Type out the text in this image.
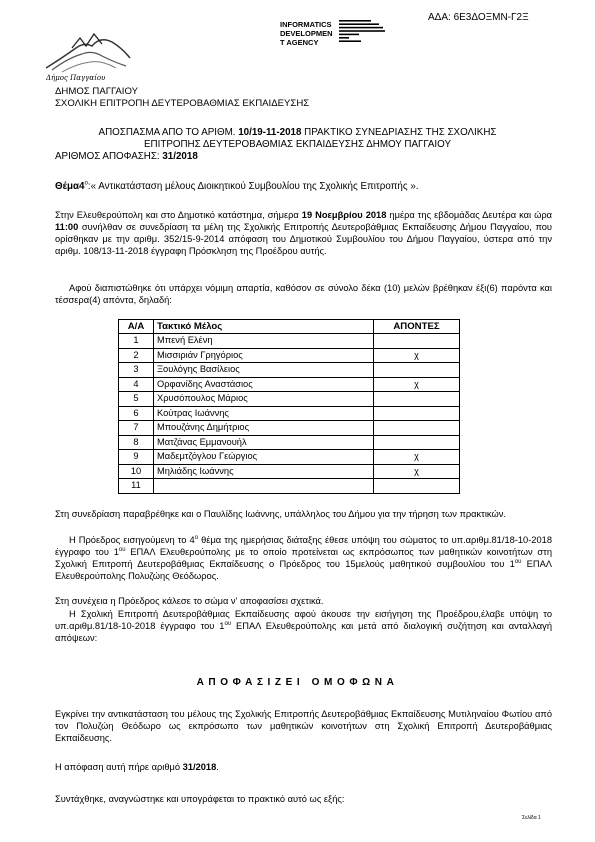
Δήμος Παγγαίου
ΑΔΑ: 6Ε3ΔΟΞΜΝ-Γ2Ξ
INFORMATICS
DEVELOPMEN
T AGENCY
ΔΗΜΟΣ ΠΑΓΓΑΙΟΥ
ΣΧΟΛΙΚΗ ΕΠΙΤΡΟΠΗ ΔΕΥΤΕΡΟΒΑΘΜΙΑΣ ΕΚΠΑΙΔΕΥΣΗΣ
ΑΠΟΣΠΑΣΜΑ ΑΠΟ ΤΟ ΑΡΙΘΜ. 10/19-11-2018 ΠΡΑΚΤΙΚΟ ΣΥΝΕΔΡΙΑΣΗΣ ΤΗΣ ΣΧΟΛΙΚΗΣ
ΕΠΙΤΡΟΠΗΣ ΔΕΥΤΕΡΟΒΑΘΜΙΑΣ ΕΚΠΑΙΔΕΥΣΗΣ ΔΗΜΟΥ ΠΑΓΓΑΙΟΥ
ΑΡΙΘΜΟΣ ΑΠΟΦΑΣΗΣ: 31/2018
$\Theta έ\mu\alpha 4^o:«$ Αντικατάσταση μέλους Διοικητικού Συμβουλίου της Σχολικής Επιτροπής ».
Στην Ελευθερούπολη και στο Δημοτικό κατάστημα, σήμερα 19 Νοεμβρίου 2018 ημέρα της εβδομάδας Δευτέρα και ώρα 11:00 συνήλθαν σε συνεδρίαση τα μέλη της Σχολικής Επιτροπής Δευτεροβάθμιας Εκπαίδευσης Δήμου Παγγαίου, που ορίσθηκαν με την αριθμ. 352/15-9-2014 απόφαση του Δημοτικού Συμβουλίου του Δήμου Παγγαίου, ύστερα από την αριθμ. 108/13-11-2018 έγγραφη Πρόσκληση της Προέδρου αυτής.
Αφού διαπιστώθηκε ότι υπάρχει νόμιμη απαρτία, καθόσον σε σύνολο δέκα (10) μελών βρέθηκαν έξι(6) παρόντα και τέσσερα(4) απόντα, δηλαδή:
Α/Α	Τακτικό Μέλος	ΑΠΟΝΤΕΣ
1	Μπενή Ελένη	
2	Μισσιριάν Γρηγόριος	χ
3	Ξουλόγης Βασίλειος	
4	Ορφανίδης Αναστάσιος	χ
5	Χρυσόπουλος Μάριος	
6	Κούτρας Ιωάννης	
7	Μπουζάνης Δημήτριος	
8	Ματζάνας Εμμανουήλ	
9	Μαδεμτζόγλου Γεώργιος	χ
10	Μηλιάδης Ιωάννης	χ
11		
Στη συνεδρίαση παραβρέθηκε και ο Παυλίδης Ιωάννης, υπάλληλος του Δήμου για την τήρηση των πρακτικών.
Η Πρόεδρος εισηγούμενη το $4^o$ θέμα της ημερήσιας διάταξης έθεσε υπόψη του σώματος το υπ.αριθμ.81/18-10-2018 έγγραφο του $1^{o\upsilon}$ ΕΠΑΛ Ελευθερούπολης με το οποίο προτείνεται ως εκπρόσωπος των μαθητικών κοινοτήτων στη Σχολική Επιτροπή Δευτεροβάθμιας Εκπαίδευσης ο Πρόεδρος του 15μελούς μαθητικού συμβουλίου του $1^{o\upsilon}$ ΕΠΑΛ Ελευθερούπολης Πολυζώης Θεόδωρος.
Στη συνέχεια η Πρόεδρος κάλεσε το σώμα ν' αποφασίσει σχετικά.
Η Σχολική Επιτροπή Δευτεροβάθμιας Εκπαίδευσης αφού άκουσε την εισήγηση της Προέδρου,έλαβε υπόψη το υπ.αριθμ.81/18-10-2018 έγγραφο του $1^{o\upsilon}$ ΕΠΑΛ Ελευθερούπολης και μετά από διαλογική συζήτηση και ανταλλαγή απόψεων:
ΑΠΟΦΑΣΙΖΕΙ ΟΜΟΦΩΝΑ
Εγκρίνει την αντικατάσταση του μέλους της Σχολικής Επιτροπής Δευτεροβάθμιας Εκπαίδευσης Μυτιληναίου Φωτίου από τον Πολυζώη Θεόδωρο ως εκπρόσωπο των μαθητικών κοινοτήτων στη Σχολική Επιτροπή Δευτεροβάθμιας Εκπαίδευσης.
Η απόφαση αυτή πήρε αριθμό 31/2018.
Συντάχθηκε, αναγνώστηκε και υπογράφεται το πρακτικό αυτό ως εξής:
Σελίδα 1
